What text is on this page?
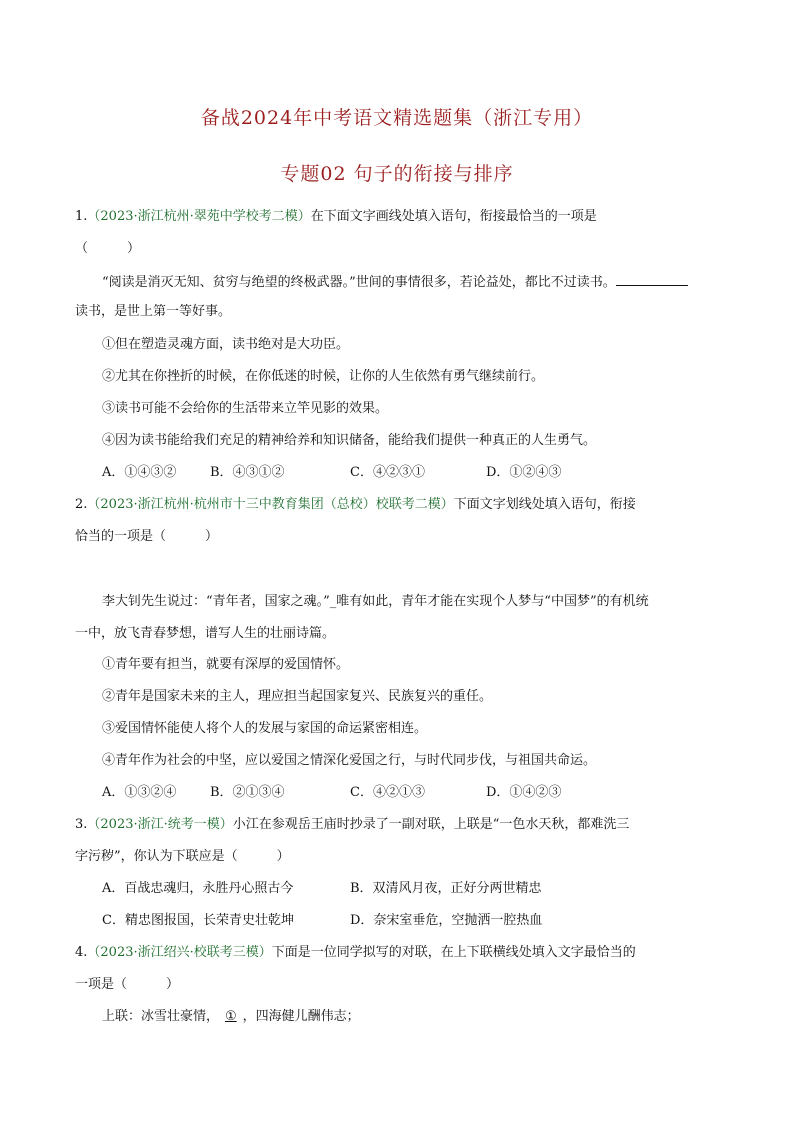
备战2024年中考语文精选题集（浙江专用）
专题02 句子的衔接与排序
1.（2023·浙江杭州·翠苑中学校考二模）在下面文字画线处填入语句，衔接最恰当的一项是
（　　　）
“阅读是消灭无知、贫穷与绝望的终极武器。”世间的事情很多，若论益处，都比不过读书。
读书，是世上第一等好事。
①但在塑造灵魂方面，读书绝对是大功臣。
②尤其在你挫折的时候，在你低迷的时候，让你的人生依然有勇气继续前行。
③读书可能不会给你的生活带来立竿见影的效果。
④因为读书能给我们充足的精神给养和知识储备，能给我们提供一种真正的人生勇气。
A．①④③②	B．④③①②	C．④②③①	D．①②④③
2.（2023·浙江杭州·杭州市十三中教育集团（总校）校联考二模）下面文字划线处填入语句，衔接
恰当的一项是（　　　）
李大钊先生说过：“青年者，国家之魂。”_唯有如此，青年才能在实现个人梦与“中国梦”的有机统
一中，放飞青春梦想，谱写人生的壮丽诗篇。
①青年要有担当，就要有深厚的爱国情怀。
②青年是国家未来的主人，理应担当起国家复兴、民族复兴的重任。
③爱国情怀能使人将个人的发展与家国的命运紧密相连。
④青年作为社会的中坚，应以爱国之情深化爱国之行，与时代同步伐，与祖国共命运。
A．①③②④	B．②①③④	C．④②①③	D．①④②③
3.（2023·浙江·统考一模）小江在参观岳王庙时抄录了一副对联，上联是“一色水天秋，都难洗三
字污秽”，你认为下联应是（　　　）
A．百战忠魂归，永胜丹心照古今	B．双清风月夜，正好分两世精忠
C．精忠图报国，长荣青史壮乾坤	D．奈宋室垂危，空抛洒一腔热血
4.（2023·浙江绍兴·校联考三模）下面是一位同学拟写的对联，在上下联横线处填入文字最恰当的
一项是（　　　）
上联：冰雪壮豪情， ① ，四海健儿酬伟志；
